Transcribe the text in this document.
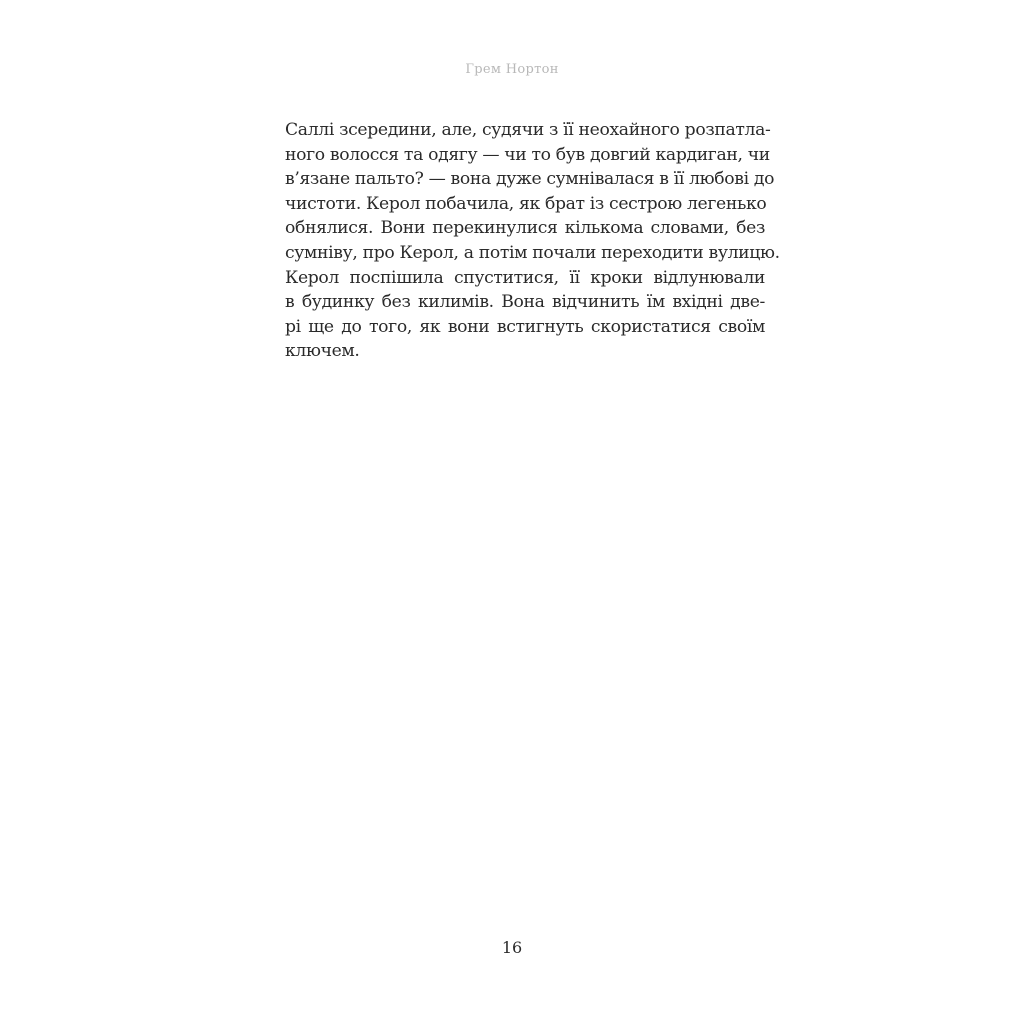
Грем Нортон
Саллі зсередини, але, судячи з її неохайного розпатла-
ного волосся та одягу — чи то був довгий кардиган, чи
в’язане пальто? — вона дуже сумнівалася в її любові до
чистоти. Керол побачила, як брат із сестрою легенько
обнялися. Вони перекинулися кількома словами, без
сумніву, про Керол, а потім почали переходити вулицю.
Керол поспішила спуститися, її кроки відлунювали
в будинку без килимів. Вона відчинить їм вхідні две-
рі ще до того, як вони встигнуть скористатися своїм
ключем.
16
